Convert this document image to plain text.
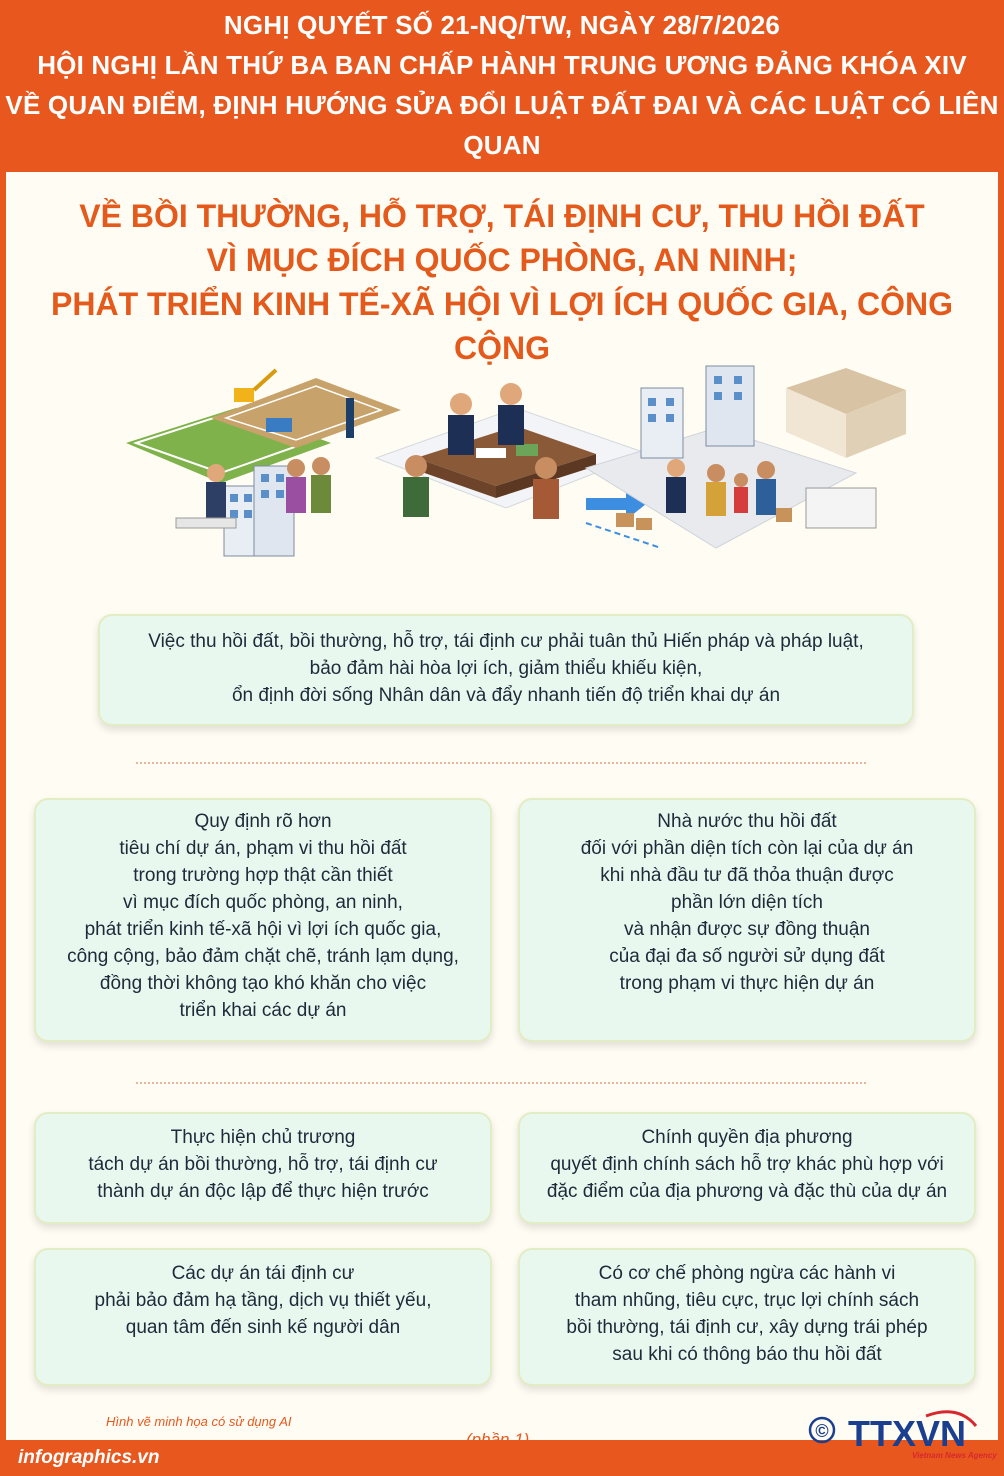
NGHỊ QUYẾT SỐ 21-NQ/TW, NGÀY 28/7/2026
HỘI NGHỊ LẦN THỨ BA BAN CHẤP HÀNH TRUNG ƯƠNG ĐẢNG KHÓA XIV
VỀ QUAN ĐIỂM, ĐỊNH HƯỚNG SỬA ĐỔI LUẬT ĐẤT ĐAI VÀ CÁC LUẬT CÓ LIÊN QUAN
VỀ BỒI THƯỜNG, HỖ TRỢ, TÁI ĐỊNH CƯ, THU HỒI ĐẤT
VÌ MỤC ĐÍCH QUỐC PHÒNG, AN NINH;
PHÁT TRIỂN KINH TẾ-XÃ HỘI VÌ LỢI ÍCH QUỐC GIA, CÔNG CỘNG
Việc thu hồi đất, bồi thường, hỗ trợ, tái định cư phải tuân thủ Hiến pháp và pháp luật,
bảo đảm hài hòa lợi ích, giảm thiểu khiếu kiện,
ổn định đời sống Nhân dân và đẩy nhanh tiến độ triển khai dự án
Quy định rõ hơn
tiêu chí dự án, phạm vi thu hồi đất
trong trường hợp thật cần thiết
vì mục đích quốc phòng, an ninh,
phát triển kinh tế-xã hội vì lợi ích quốc gia,
công cộng, bảo đảm chặt chẽ, tránh lạm dụng,
đồng thời không tạo khó khăn cho việc
triển khai các dự án
Nhà nước thu hồi đất
đối với phần diện tích còn lại của dự án
khi nhà đầu tư đã thỏa thuận được
phần lớn diện tích
và nhận được sự đồng thuận
của đại đa số người sử dụng đất
trong phạm vi thực hiện dự án
Thực hiện chủ trương
tách dự án bồi thường, hỗ trợ, tái định cư
thành dự án độc lập để thực hiện trước
Chính quyền địa phương
quyết định chính sách hỗ trợ khác phù hợp với
đặc điểm của địa phương và đặc thù của dự án
Các dự án tái định cư
phải bảo đảm hạ tầng, dịch vụ thiết yếu,
quan tâm đến sinh kế người dân
Có cơ chế phòng ngừa các hành vi
tham nhũng, tiêu cực, trục lợi chính sách
bồi thường, tái định cư, xây dựng trái phép
sau khi có thông báo thu hồi đất
Hình vẽ minh họa có sử dụng AI
(phần 1)
infographics.vn
© TTXVN
Vietnam News Agency
